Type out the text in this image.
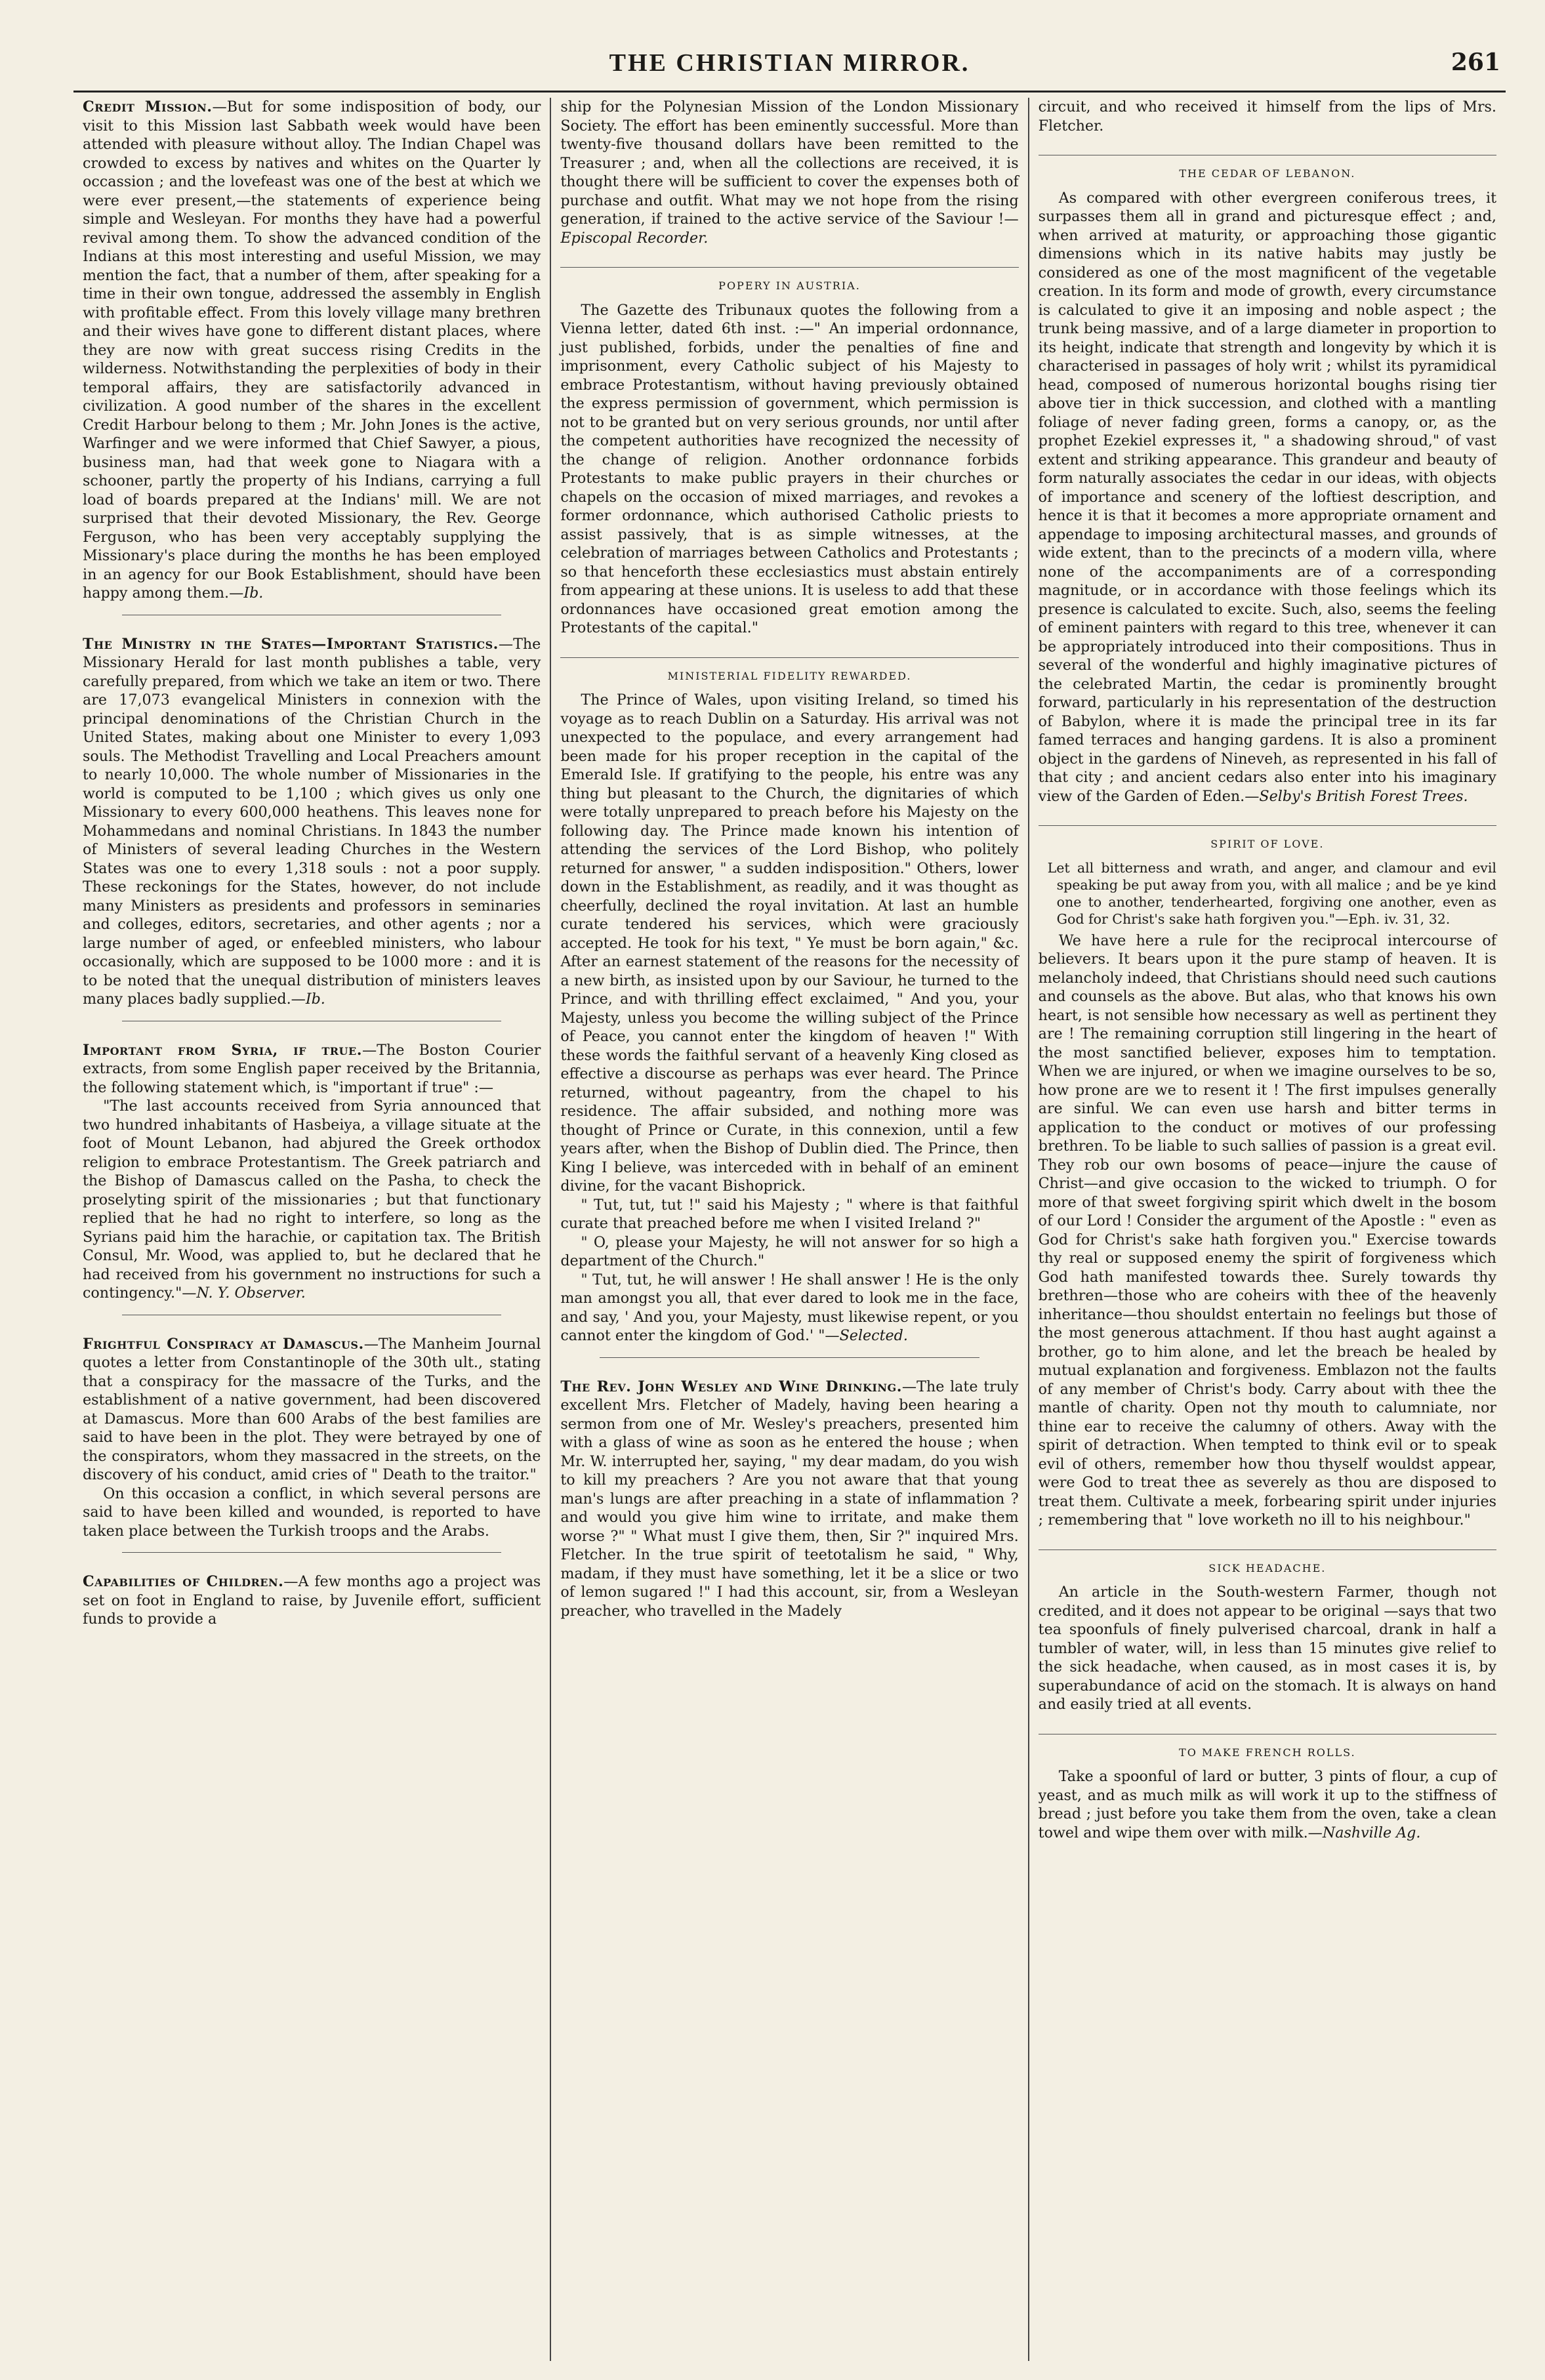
THE CHRISTIAN MIRROR.	261

Credit Mission.—But for some indisposition of body, our visit to this Mission last Sabbath week would have been attended with pleasure without alloy. The Indian Chapel was crowded to excess by natives and whites on the Quarter ly occassion ; and the lovefeast was one of the best at which we were ever present,—the statements of experience being simple and Wesleyan. For months they have had a powerful revival among them. To show the advanced condition of the Indians at this most interesting and useful Mission, we may mention the fact, that a number of them, after speaking for a time in their own tongue, addressed the assembly in English with profitable effect. From this lovely village many brethren and their wives have gone to different distant places, where they are now with great success rising Credits in the wilderness. Notwithstanding the perplexities of body in their temporal affairs, they are satisfactorily advanced in civilization. A good number of the shares in the excellent Credit Harbour belong to them ; Mr. John Jones is the active, Warfinger and we were informed that Chief Sawyer, a pious, business man, had that week gone to Niagara with a schooner, partly the property of his Indians, carrying a full load of boards prepared at the Indians' mill. We are not surprised that their devoted Missionary, the Rev. George Ferguson, who has been very acceptably supplying the Missionary's place during the months he has been employed in an agency for our Book Establishment, should have been happy among them.—Ib.

The Ministry in the States—Important Statistics.—The Missionary Herald for last month publishes a table, very carefully prepared, from which we take an item or two. There are 17,073 evangelical Ministers in connexion with the principal denominations of the Christian Church in the United States, making about one Minister to every 1,093 souls. The Methodist Travelling and Local Preachers amount to nearly 10,000. The whole number of Missionaries in the world is computed to be 1,100 ; which gives us only one Missionary to every 600,000 heathens. This leaves none for Mohammedans and nominal Christians. In 1843 the number of Ministers of several leading Churches in the Western States was one to every 1,318 souls : not a poor supply. These reckonings for the States, however, do not include many Ministers as presidents and professors in seminaries and colleges, editors, secretaries, and other agents ; nor a large number of aged, or enfeebled ministers, who labour occasionally, which are supposed to be 1000 more : and it is to be noted that the unequal distribution of ministers leaves many places badly supplied.—Ib.

Important from Syria, if true.—The Boston Courier extracts, from some English paper received by the Britannia, the following statement which, is "important if true" :—

"The last accounts received from Syria announced that two hundred inhabitants of Hasbeiya, a village situate at the foot of Mount Lebanon, had abjured the Greek orthodox religion to embrace Protestantism. The Greek patriarch and the Bishop of Damascus called on the Pasha, to check the proselyting spirit of the missionaries ; but that functionary replied that he had no right to interfere, so long as the Syrians paid him the harachie, or capitation tax. The British Consul, Mr. Wood, was applied to, but he declared that he had received from his government no instructions for such a contingency."—N. Y. Observer.

Frightful Conspiracy at Damascus.—The Manheim Journal quotes a letter from Constantinople of the 30th ult., stating that a conspiracy for the massacre of the Turks, and the establishment of a native government, had been discovered at Damascus. More than 600 Arabs of the best families are said to have been in the plot. They were betrayed by one of the conspirators, whom they massacred in the streets, on the discovery of his conduct, amid cries of " Death to the traitor."

On this occasion a conflict, in which several persons are said to have been killed and wounded, is reported to have taken place between the Turkish troops and the Arabs.

Capabilities of Children.—A few months ago a project was set on foot in England to raise, by Juvenile effort, sufficient funds to provide a

ship for the Polynesian Mission of the London Missionary Society. The effort has been eminently successful. More than twenty-five thousand dollars have been remitted to the Treasurer ; and, when all the collections are received, it is thought there will be sufficient to cover the expenses both of purchase and outfit. What may we not hope from the rising generation, if trained to the active service of the Saviour !—Episcopal Recorder.

POPERY IN AUSTRIA.

The Gazette des Tribunaux quotes the following from a Vienna letter, dated 6th inst. :—" An imperial ordonnance, just published, forbids, under the penalties of fine and imprisonment, every Catholic subject of his Majesty to embrace Protestantism, without having previously obtained the express permission of government, which permission is not to be granted but on very serious grounds, nor until after the competent authorities have recognized the necessity of the change of religion. Another ordonnance forbids Protestants to make public prayers in their churches or chapels on the occasion of mixed marriages, and revokes a former ordonnance, which authorised Catholic priests to assist passively, that is as simple witnesses, at the celebration of marriages between Catholics and Protestants ; so that henceforth these ecclesiastics must abstain entirely from appearing at these unions. It is useless to add that these ordonnances have occasioned great emotion among the Protestants of the capital."

MINISTERIAL FIDELITY REWARDED.

The Prince of Wales, upon visiting Ireland, so timed his voyage as to reach Dublin on a Saturday. His arrival was not unexpected to the populace, and every arrangement had been made for his proper reception in the capital of the Emerald Isle. If gratifying to the people, his entre was any thing but pleasant to the Church, the dignitaries of which were totally unprepared to preach before his Majesty on the following day. The Prince made known his intention of attending the services of the Lord Bishop, who politely returned for answer, " a sudden indisposition." Others, lower down in the Establishment, as readily, and it was thought as cheerfully, declined the royal invitation. At last an humble curate tendered his services, which were graciously accepted. He took for his text, " Ye must be born again," &c. After an earnest statement of the reasons for the necessity of a new birth, as insisted upon by our Saviour, he turned to the Prince, and with thrilling effect exclaimed, " And you, your Majesty, unless you become the willing subject of the Prince of Peace, you cannot enter the kingdom of heaven !" With these words the faithful servant of a heavenly King closed as effective a discourse as perhaps was ever heard. The Prince returned, without pageantry, from the chapel to his residence. The affair subsided, and nothing more was thought of Prince or Curate, in this connexion, until a few years after, when the Bishop of Dublin died. The Prince, then King I believe, was interceded with in behalf of an eminent divine, for the vacant Bishoprick.

" Tut, tut, tut !" said his Majesty ; " where is that faithful curate that preached before me when I visited Ireland ?"

" O, please your Majesty, he will not answer for so high a department of the Church."

" Tut, tut, he will answer ! He shall answer ! He is the only man amongst you all, that ever dared to look me in the face, and say, ' And you, your Majesty, must likewise repent, or you cannot enter the kingdom of God.' "—Selected.

The Rev. John Wesley and Wine Drinking.—The late truly excellent Mrs. Fletcher of Madely, having been hearing a sermon from one of Mr. Wesley's preachers, presented him with a glass of wine as soon as he entered the house ; when Mr. W. interrupted her, saying, " my dear madam, do you wish to kill my preachers ? Are you not aware that that young man's lungs are after preaching in a state of inflammation ? and would you give him wine to irritate, and make them worse ?" " What must I give them, then, Sir ?" inquired Mrs. Fletcher. In the true spirit of teetotalism he said, " Why, madam, if they must have something, let it be a slice or two of lemon sugared !" I had this account, sir, from a Wesleyan preacher, who travelled in the Madely

circuit, and who received it himself from the lips of Mrs. Fletcher.

THE CEDAR OF LEBANON.

As compared with other evergreen coniferous trees, it surpasses them all in grand and picturesque effect ; and, when arrived at maturity, or approaching those gigantic dimensions which in its native habits may justly be considered as one of the most magnificent of the vegetable creation. In its form and mode of growth, every circumstance is calculated to give it an imposing and noble aspect ; the trunk being massive, and of a large diameter in proportion to its height, indicate that strength and longevity by which it is characterised in passages of holy writ ; whilst its pyramidical head, composed of numerous horizontal boughs rising tier above tier in thick succession, and clothed with a mantling foliage of never fading green, forms a canopy, or, as the prophet Ezekiel expresses it, " a shadowing shroud," of vast extent and striking appearance. This grandeur and beauty of form naturally associates the cedar in our ideas, with objects of importance and scenery of the loftiest description, and hence it is that it becomes a more appropriate ornament and appendage to imposing architectural masses, and grounds of wide extent, than to the precincts of a modern villa, where none of the accompaniments are of a corresponding magnitude, or in accordance with those feelings which its presence is calculated to excite. Such, also, seems the feeling of eminent painters with regard to this tree, whenever it can be appropriately introduced into their compositions. Thus in several of the wonderful and highly imaginative pictures of the celebrated Martin, the cedar is prominently brought forward, particularly in his representation of the destruction of Babylon, where it is made the principal tree in its far famed terraces and hanging gardens. It is also a prominent object in the gardens of Nineveh, as represented in his fall of that city ; and ancient cedars also enter into his imaginary view of the Garden of Eden.—Selby's British Forest Trees.

SPIRIT OF LOVE.

Let all bitterness and wrath, and anger, and clamour and evil speaking be put away from you, with all malice ; and be ye kind one to another, tenderhearted, forgiving one another, even as God for Christ's sake hath forgiven you."—Eph. iv. 31, 32.

We have here a rule for the reciprocal intercourse of believers. It bears upon it the pure stamp of heaven. It is melancholy indeed, that Christians should need such cautions and counsels as the above. But alas, who that knows his own heart, is not sensible how necessary as well as pertinent they are ! The remaining corruption still lingering in the heart of the most sanctified believer, exposes him to temptation. When we are injured, or when we imagine ourselves to be so, how prone are we to resent it ! The first impulses generally are sinful. We can even use harsh and bitter terms in application to the conduct or motives of our professing brethren. To be liable to such sallies of passion is a great evil. They rob our own bosoms of peace—injure the cause of Christ—and give occasion to the wicked to triumph. O for more of that sweet forgiving spirit which dwelt in the bosom of our Lord ! Consider the argument of the Apostle : " even as God for Christ's sake hath forgiven you." Exercise towards thy real or supposed enemy the spirit of forgiveness which God hath manifested towards thee. Surely towards thy brethren—those who are coheirs with thee of the heavenly inheritance—thou shouldst entertain no feelings but those of the most generous attachment. If thou hast aught against a brother, go to him alone, and let the breach be healed by mutual explanation and forgiveness. Emblazon not the faults of any member of Christ's body. Carry about with thee the mantle of charity. Open not thy mouth to calumniate, nor thine ear to receive the calumny of others. Away with the spirit of detraction. When tempted to think evil or to speak evil of others, remember how thou thyself wouldst appear, were God to treat thee as severely as thou are disposed to treat them. Cultivate a meek, forbearing spirit under injuries ; remembering that " love worketh no ill to his neighbour."

SICK HEADACHE.

An article in the South-western Farmer, though not credited, and it does not appear to be original —says that two tea spoonfuls of finely pulverised charcoal, drank in half a tumbler of water, will, in less than 15 minutes give relief to the sick headache, when caused, as in most cases it is, by superabundance of acid on the stomach. It is always on hand and easily tried at all events.

TO MAKE FRENCH ROLLS.

Take a spoonful of lard or butter, 3 pints of flour, a cup of yeast, and as much milk as will work it up to the stiffness of bread ; just before you take them from the oven, take a clean towel and wipe them over with milk.—Nashville Ag.
